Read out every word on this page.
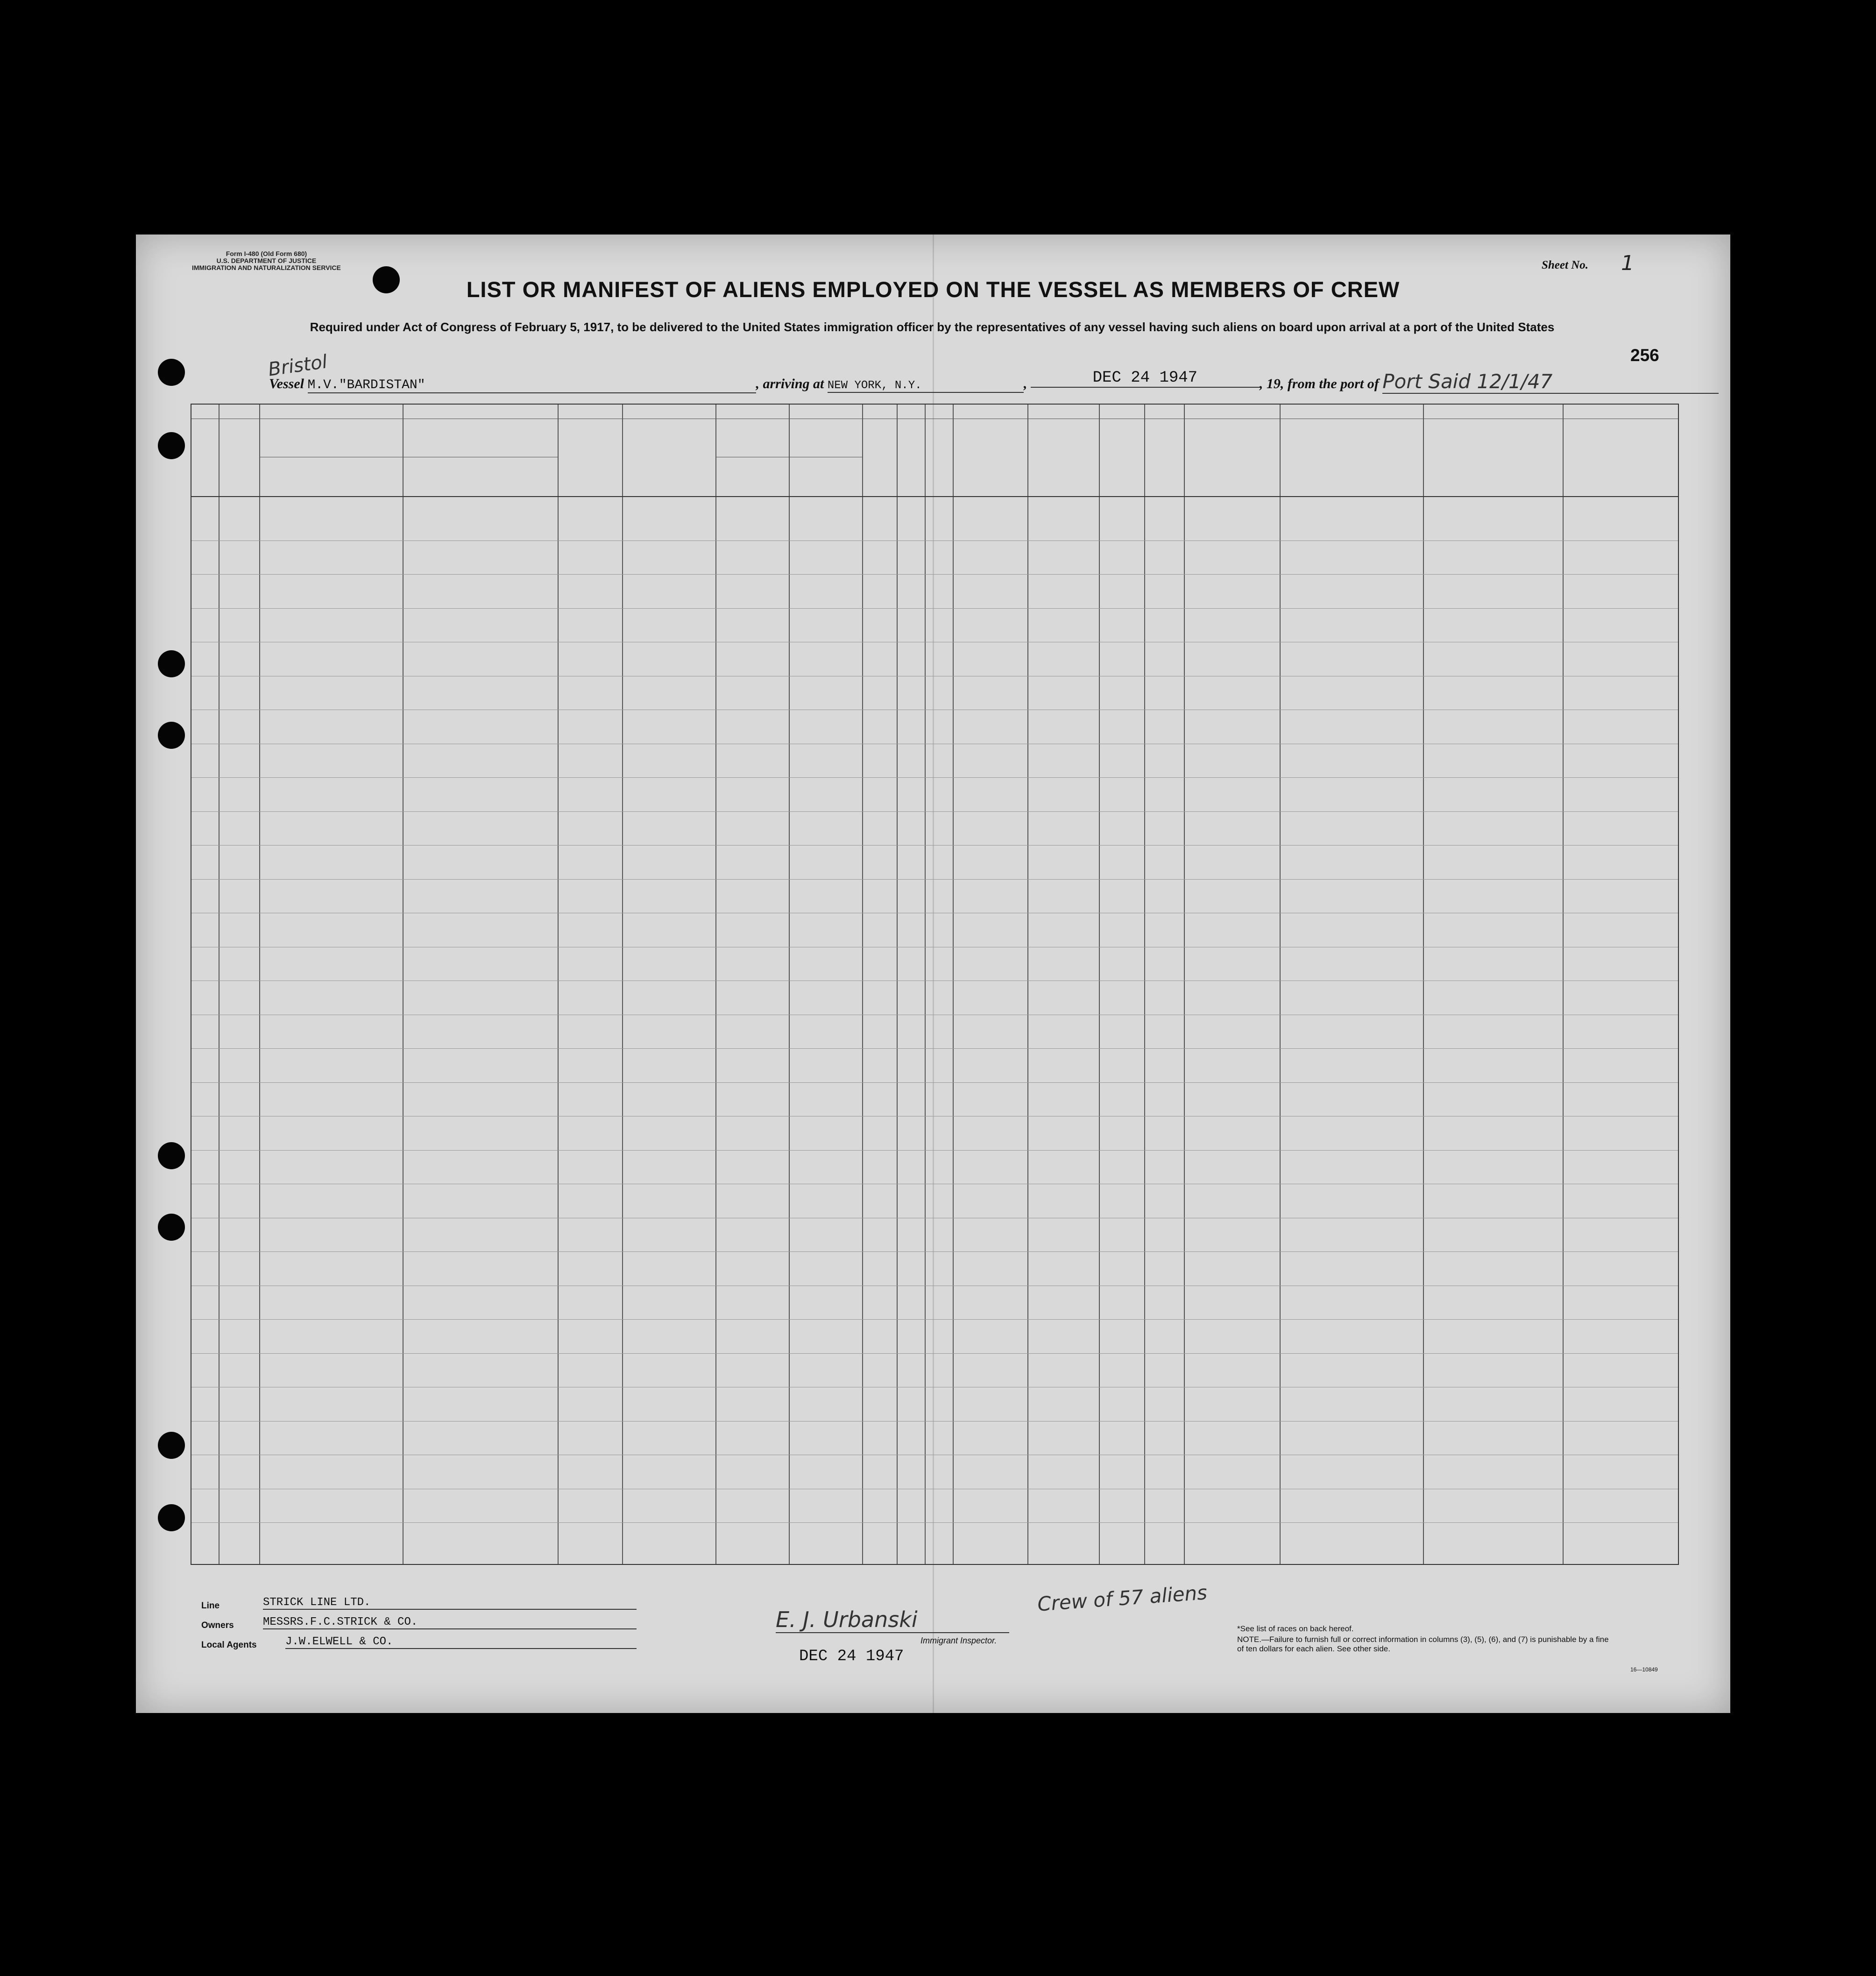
Form I-480 (Old Form 680)
U.S. DEPARTMENT OF JUSTICE
IMMIGRATION AND NATURALIZATION SERVICE
LIST OR MANIFEST OF ALIENS EMPLOYED ON THE VESSEL AS MEMBERS OF CREW
Required under Act of Congress of February 5, 1917, to be delivered to the United States immigration officer by the representatives of any vessel having such aliens on board upon arrival at a port of the United States
Sheet No. 1
256
Bristol
Vessel M.V."BARDISTAN"	, arriving at NEW YORK, N.Y.	,	DEC 24 1947	, 19, from the port of Port Said 12/1/47
Line	STRICK LINE LTD.
Owners	MESSRS.F.C.STRICK & CO.
Local Agents	J.W.ELWELL & CO.
E. J. Urbanski
Immigrant Inspector.
Crew of 57 aliens
DEC 24 1947
*See list of races on back hereof.
NOTE.—Failure to furnish full or correct information in columns (3), (5), (6), and (7) is punishable by a fine of ten dollars for each alien. See other side.
16—10849
